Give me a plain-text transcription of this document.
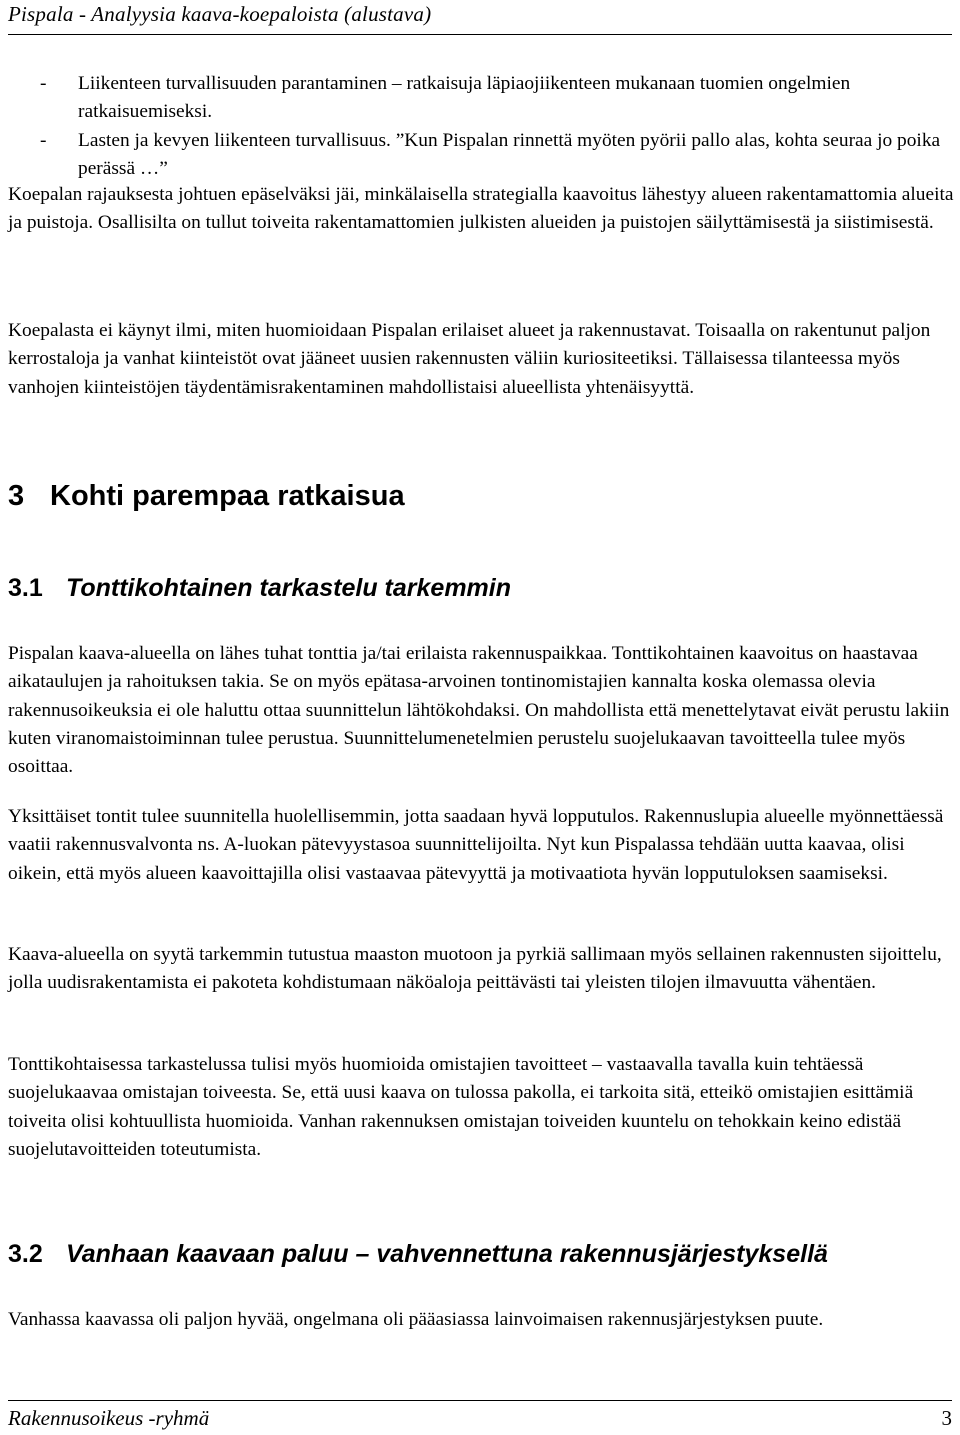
Pispala - Analyysia kaava-koepaloista (alustava)
- Liikenteen turvallisuuden parantaminen – ratkaisuja läpiaojiikenteen mukanaan tuomien ongelmien ratkaisuemiseksi.
- Lasten ja kevyen liikenteen turvallisuus. ”Kun Pispalan rinnettä myöten pyörii pallo alas, kohta seuraa jo poika perässä …”

Koepalan rajauksesta johtuen epäselväksi jäi, minkälaisella strategialla kaavoitus lähestyy alueen rakentamattomia alueita ja puistoja. Osallisilta on tullut toiveita rakentamattomien julkisten alueiden ja puistojen säilyttämisestä ja siistimisestä.

Koepalasta ei käynyt ilmi, miten huomioidaan Pispalan erilaiset alueet ja rakennustavat. Toisaalla on rakentunut paljon kerrostaloja ja vanhat kiinteistöt ovat jääneet uusien rakennusten väliin kuriositeetiksi. Tällaisessa tilanteessa myös vanhojen kiinteistöjen täydentämisrakentaminen mahdollistaisi alueellista yhtenäisyyttä.

3 Kohti parempaa ratkaisua
3.1 Tonttikohtainen tarkastelu tarkemmin

Pispalan kaava-alueella on lähes tuhat tonttia ja/tai erilaista rakennuspaikkaa. Tonttikohtainen kaavoitus on haastavaa aikataulujen ja rahoituksen takia. Se on myös epätasa-arvoinen tontinomistajien kannalta koska olemassa olevia rakennusoikeuksia ei ole haluttu ottaa suunnittelun lähtökohdaksi. On mahdollista että menettelytavat eivät perustu lakiin kuten viranomaistoiminnan tulee perustua. Suunnittelumenetelmien perustelu suojelukaavan tavoitteella tulee myös osoittaa.

Yksittäiset tontit tulee suunnitella huolellisemmin, jotta saadaan hyvä lopputulos. Rakennuslupia alueelle myönnettäessä vaatii rakennusvalvonta ns. A-luokan pätevyystasoa suunnittelijoilta. Nyt kun Pispalassa tehdään uutta kaavaa, olisi oikein, että myös alueen kaavoittajilla olisi vastaavaa pätevyyttä ja motivaatiota hyvän lopputuloksen saamiseksi.

Kaava-alueella on syytä tarkemmin tutustua maaston muotoon ja pyrkiä sallimaan myös sellainen rakennusten sijoittelu, jolla uudisrakentamista ei pakoteta kohdistumaan näköaloja peittävästi tai yleisten tilojen ilmavuutta vähentäen.

Tonttikohtaisessa tarkastelussa tulisi myös huomioida omistajien tavoitteet – vastaavalla tavalla kuin tehtäessä suojelukaavaa omistajan toiveesta. Se, että uusi kaava on tulossa pakolla, ei tarkoita sitä, etteikö omistajien esittämiä toiveita olisi kohtuullista huomioida. Vanhan rakennuksen omistajan toiveiden kuuntelu on tehokkain keino edistää suojelutavoitteiden toteutumista.

3.2 Vanhaan kaavaan paluu – vahvennettuna rakennusjärjestyksellä

Vanhassa kaavassa oli paljon hyvää, ongelmana oli pääasiassa lainvoimaisen rakennusjärjestyksen puute.

Rakennusoikeus -ryhmä	3
